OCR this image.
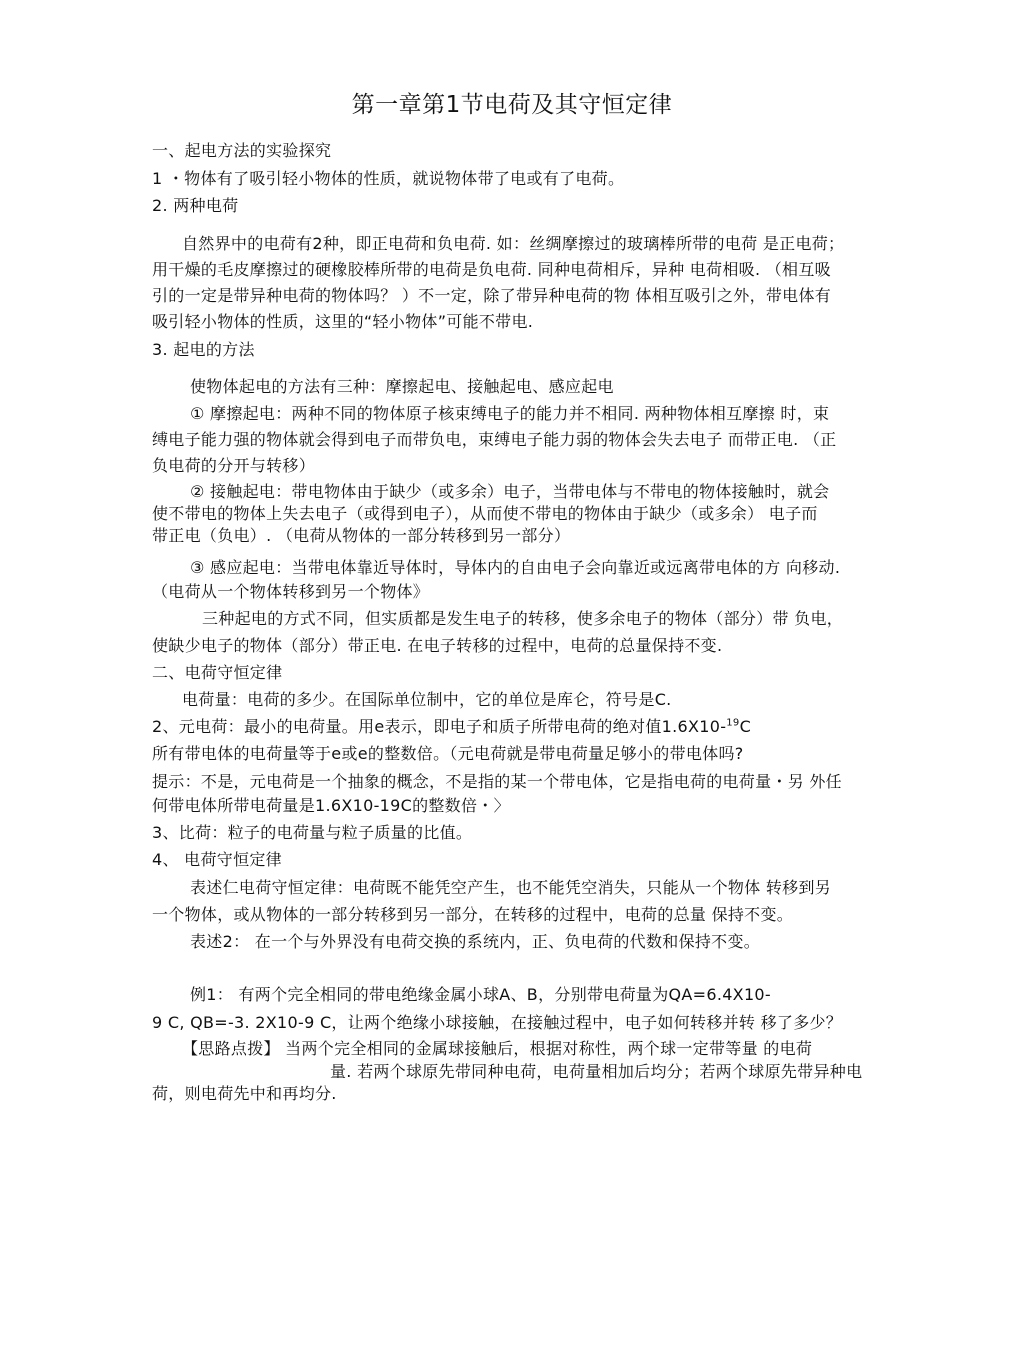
第一章第1节电荷及其守恒定律
一、起电方法的实验探究
1 ・物体有了吸引轻小物体的性质，就说物体带了电或有了电荷。
2. 两种电荷
自然界中的电荷有2种，即正电荷和负电荷. 如：丝绸摩擦过的玻璃棒所带的电荷 是正电荷；
用干燥的毛皮摩擦过的硬橡胶棒所带的电荷是负电荷. 同种电荷相斥，异种 电荷相吸. （相互吸
引的一定是带异种电荷的物体吗？ ）不一定，除了带异种电荷的物 体相互吸引之外，带电体有
吸引轻小物体的性质，这里的“轻小物体”可能不带电.
3. 起电的方法
使物体起电的方法有三种：摩擦起电、接触起电、感应起电
① 摩擦起电：两种不同的物体原子核束缚电子的能力并不相同. 两种物体相互摩擦 时，束
缚电子能力强的物体就会得到电子而带负电，束缚电子能力弱的物体会失去电子 而带正电. （正
负电荷的分开与转移）
② 接触起电：带电物体由于缺少（或多余）电子，当带电体与不带电的物体接触时，就会
使不带电的物体上失去电子（或得到电子），从而使不带电的物体由于缺少（或多余） 电子而
带正电（负电）. （电荷从物体的一部分转移到另一部分）
③ 感应起电：当带电体靠近导体时，导体内的自由电子会向靠近或远离带电体的方 向移动.
（电荷从一个物体转移到另一个物体》
三种起电的方式不同，但实质都是发生电子的转移，使多余电子的物体（部分）带 负电，
使缺少电子的物体（部分）带正电. 在电子转移的过程中，电荷的总量保持不变.
二、电荷守恒定律
电荷量：电荷的多少。在国际单位制中，它的单位是库仑，符号是C.
所有带电体的电荷量等于e或e的整数倍。（元电荷就是带电荷量足够小的带电体吗?
提示：不是，元电荷是一个抽象的概念，不是指的某一个带电体，它是指电荷的电荷量・另 外任
何带电体所带电荷量是1.6X10-19C的整数倍・〉
3、比荷：粒子的电荷量与粒子质量的比值。
4、 电荷守恒定律
表述仁电荷守恒定律：电荷既不能凭空产生，也不能凭空消失，只能从一个物体 转移到另
一个物体，或从物体的一部分转移到另一部分，在转移的过程中，电荷的总量 保持不变。
表述2： 在一个与外界没有电荷交换的系统内，正、负电荷的代数和保持不变。
例1： 有两个完全相同的带电绝缘金属小球A、B，分别带电荷量为QA=6.4X10-
9 C, QB=-3. 2X10-9 C，让两个绝缘小球接触，在接触过程中，电子如何转移并转 移了多少？
【思路点拨】 当两个完全相同的金属球接触后，根据对称性，两个球一定带等量 的电荷
量. 若两个球原先带同种电荷，电荷量相加后均分；若两个球原先带异种电
荷，则电荷先中和再均分.
2、元电荷：最小的电荷量。用e表示，即电子和质子所带电荷的绝对值1.6X10-$^{19}$C
